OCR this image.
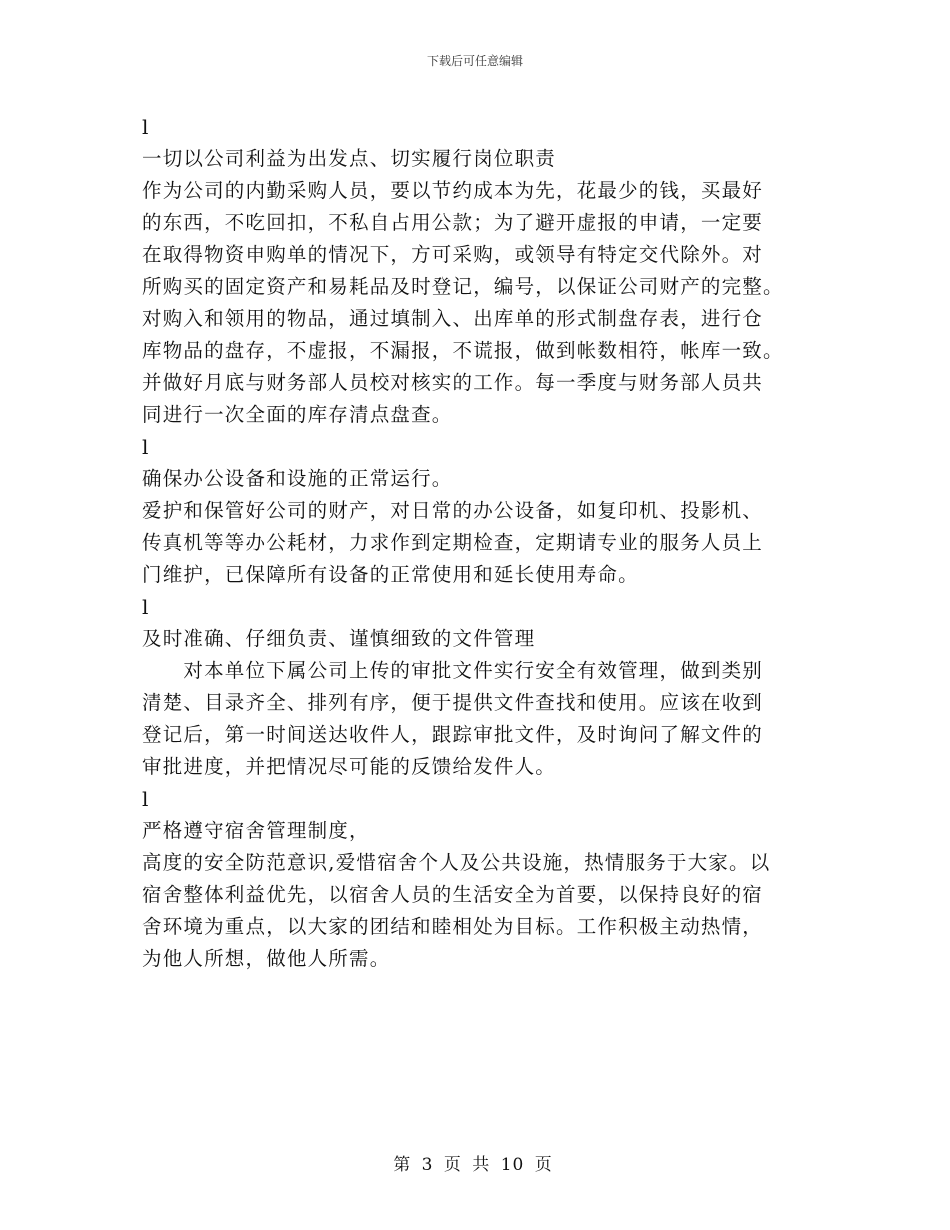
下载后可任意编辑
l
一切以公司利益为出发点、切实履行岗位职责
作为公司的内勤采购人员，要以节约成本为先，花最少的钱，买最好
的东西，不吃回扣，不私自占用公款；为了避开虚报的申请，一定要
在取得物资申购单的情况下，方可采购，或领导有特定交代除外。对
所购买的固定资产和易耗品及时登记，编号，以保证公司财产的完整。
对购入和领用的物品，通过填制入、出库单的形式制盘存表，进行仓
库物品的盘存，不虚报，不漏报，不谎报，做到帐数相符，帐库一致。
并做好月底与财务部人员校对核实的工作。每一季度与财务部人员共
同进行一次全面的库存清点盘查。
l
确保办公设备和设施的正常运行。
爱护和保管好公司的财产，对日常的办公设备，如复印机、投影机、
传真机等等办公耗材，力求作到定期检查，定期请专业的服务人员上
门维护，已保障所有设备的正常使用和延长使用寿命。
l
及时准确、仔细负责、谨慎细致的文件管理
　　对本单位下属公司上传的审批文件实行安全有效管理，做到类别
清楚、目录齐全、排列有序，便于提供文件查找和使用。应该在收到
登记后，第一时间送达收件人，跟踪审批文件，及时询问了解文件的
审批进度，并把情况尽可能的反馈给发件人。
l
严格遵守宿舍管理制度，
高度的安全防范意识,爱惜宿舍个人及公共设施，热情服务于大家。以
宿舍整体利益优先，以宿舍人员的生活安全为首要，以保持良好的宿
舍环境为重点，以大家的团结和睦相处为目标。工作积极主动热情，
为他人所想，做他人所需。
第 3 页 共 10 页
